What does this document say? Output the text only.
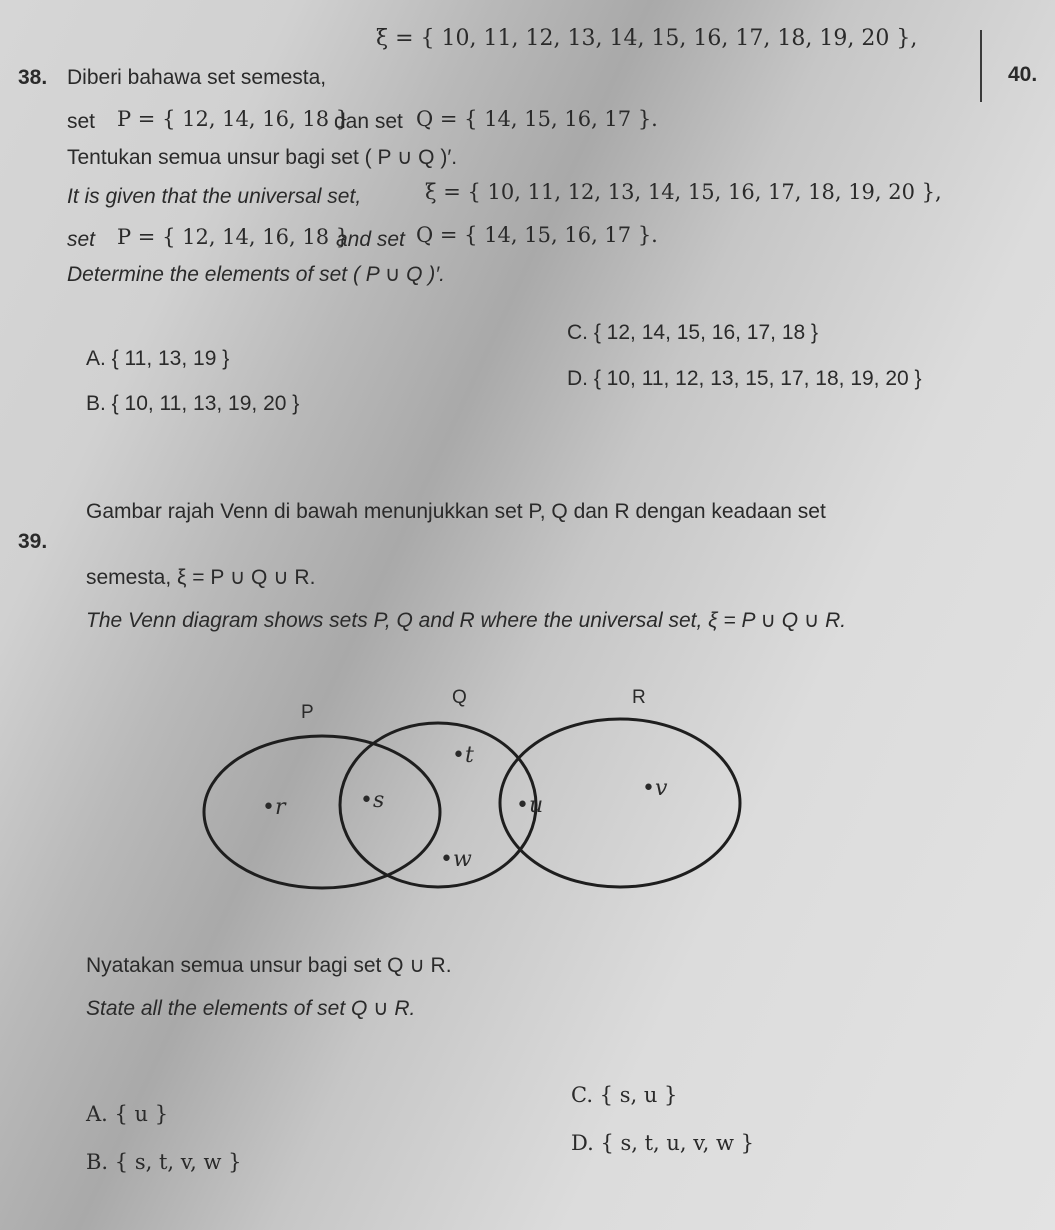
38. Diberi bahawa set semesta,
ξ = { 10, 11, 12, 13, 14, 15, 16, 17, 18, 19, 20 },
set P = { 12, 14, 16, 18 }
dan set Q = { 14, 15, 16, 17 }.
Tentukan semua unsur bagi set ( P ∪ Q )′.
It is given that the universal set,	ξ = { 10, 11, 12, 13, 14, 15, 16, 17, 18, 19, 20 },
set P = { 12, 14, 16, 18 }
and set Q = { 14, 15, 16, 17 }.
Determine the elements of set ( P ∪ Q )′.
A. { 11, 13, 19 }
B. { 10, 11, 13, 19, 20 }
C. { 12, 14, 15, 16, 17, 18 }
D. { 10, 11, 12, 13, 15, 17, 18, 19, 20 }
40.
39.
Gambar rajah Venn di bawah menunjukkan set P, Q dan R dengan keadaan set
semesta, ξ = P ∪ Q ∪ R.
The Venn diagram shows sets P, Q and R where the universal set, ξ = P ∪ Q ∪ R.
P
Q	R
•r	•s
•t
•u
•v
•w
Nyatakan semua unsur bagi set Q ∪ R.
State all the elements of set Q ∪ R.
A. { u }
B. { s, t, v, w }
C. { s, u }
D. { s, t, u, v, w }
